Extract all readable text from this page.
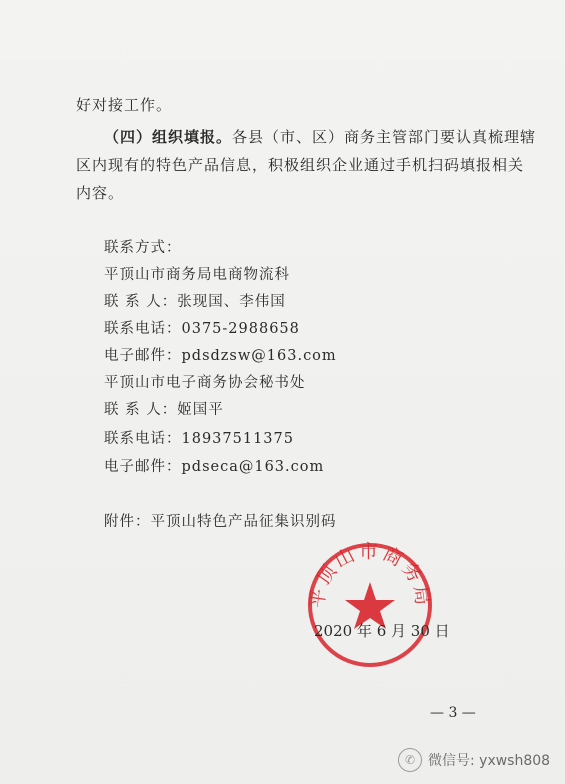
好对接工作。
（四）组织填报。各县（市、区）商务主管部门要认真梳理辖
区内现有的特色产品信息，积极组织企业通过手机扫码填报相关
内容。
联系方式：
平顶山市商务局电商物流科
联 系 人：张现国、李伟国
联系电话：0375-2988658
电子邮件：pdsdzsw@163.com
平顶山市电子商务协会秘书处
联 系 人：姬国平
联系电话：18937511375
电子邮件：pdseca@163.com
附件：平顶山特色产品征集识别码
平顶山市商务局
2020 年 6 月 30 日
— 3 —
✆ 微信号: yxwsh808
